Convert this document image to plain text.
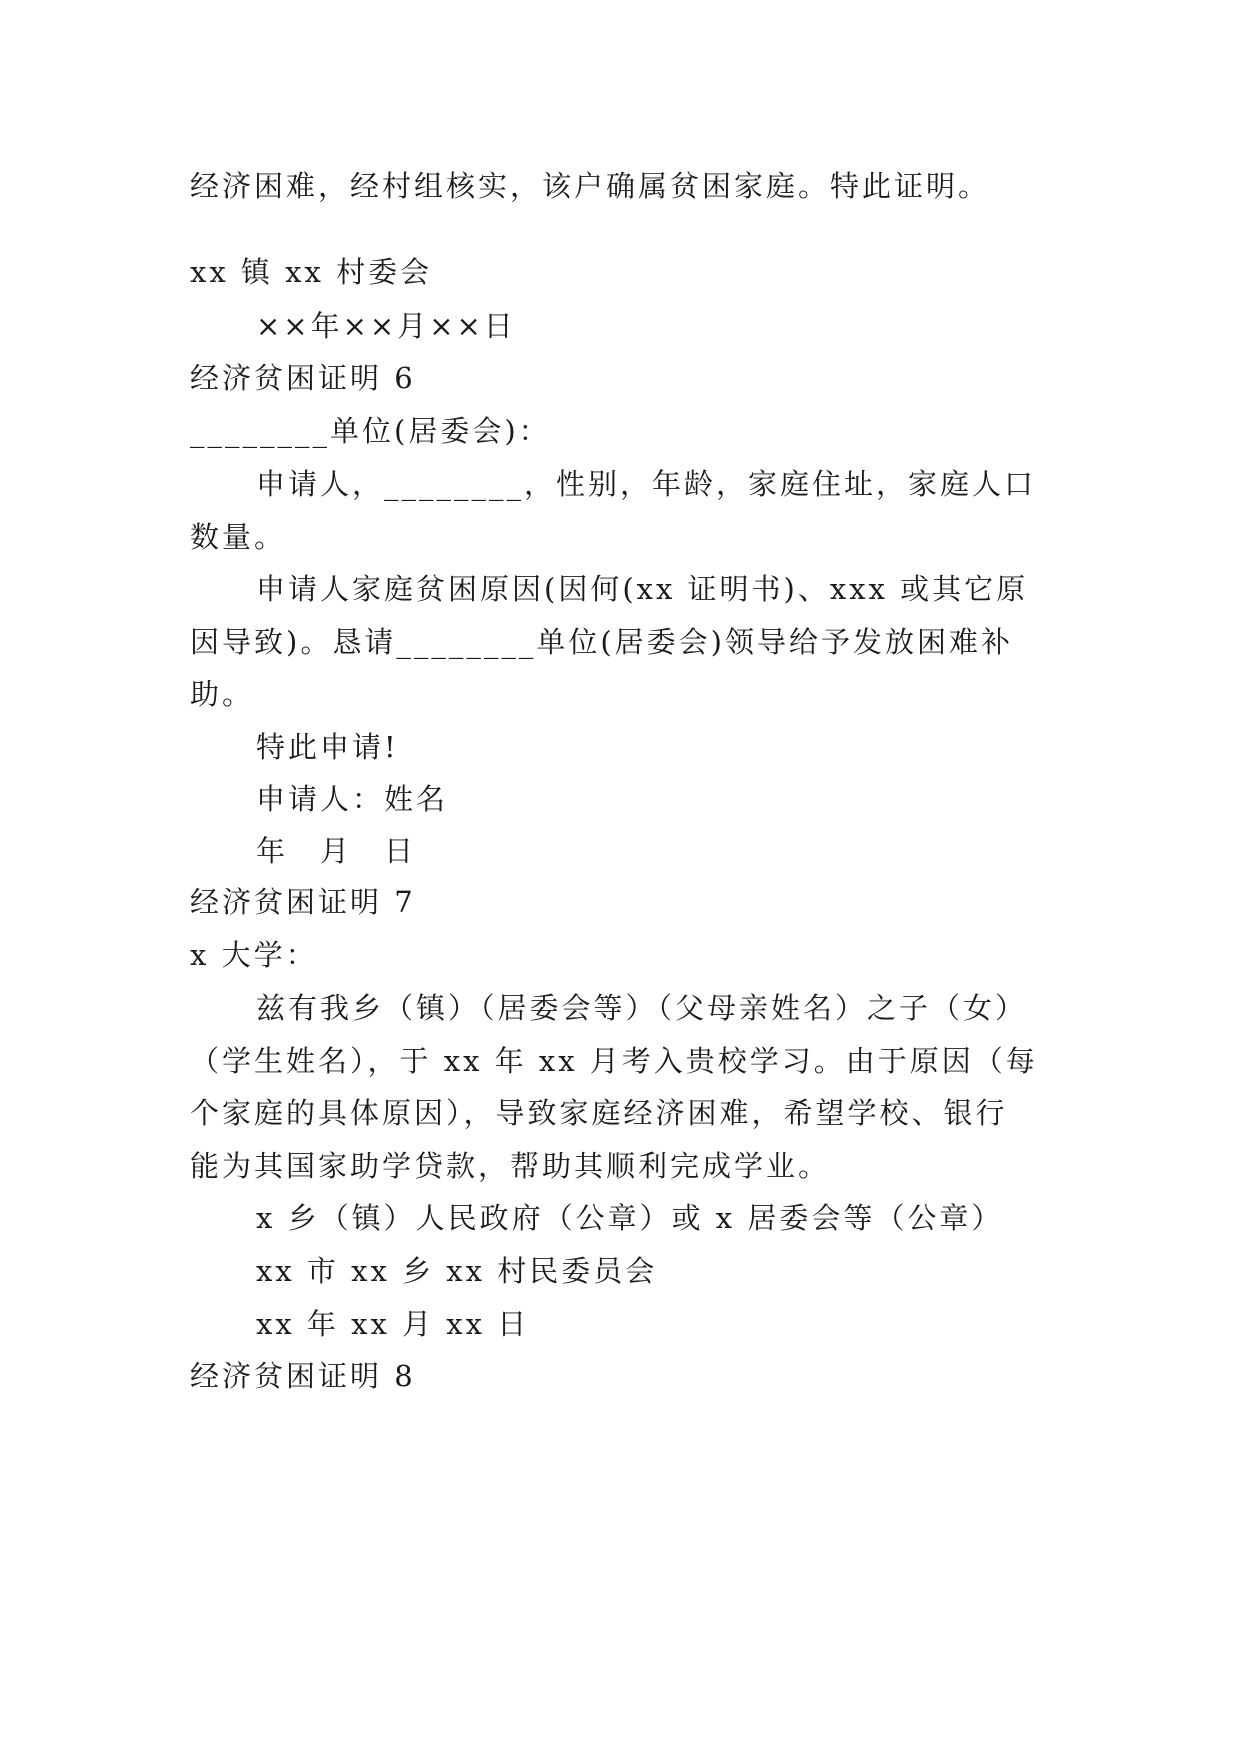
经济困难，经村组核实，该户确属贫困家庭。特此证明。
xx 镇 xx 村委会
××年××月××日
经济贫困证明 6
________单位(居委会)：
申请人，________，性别，年龄，家庭住址，家庭人口
数量。
申请人家庭贫困原因(因何(xx 证明书)、xxx 或其它原
因导致)。恳请________单位(居委会)领导给予发放困难补
助。
特此申请!
申请人：姓名
年　月　日
经济贫困证明 7
x 大学：
兹有我乡（镇）（居委会等）（父母亲姓名）之子（女）
（学生姓名），于 xx 年 xx 月考入贵校学习。由于原因（每
个家庭的具体原因），导致家庭经济困难，希望学校、银行
能为其国家助学贷款，帮助其顺利完成学业。
x 乡（镇）人民政府（公章）或 x 居委会等（公章）
xx 市 xx 乡 xx 村民委员会
xx 年 xx 月 xx 日
经济贫困证明 8
